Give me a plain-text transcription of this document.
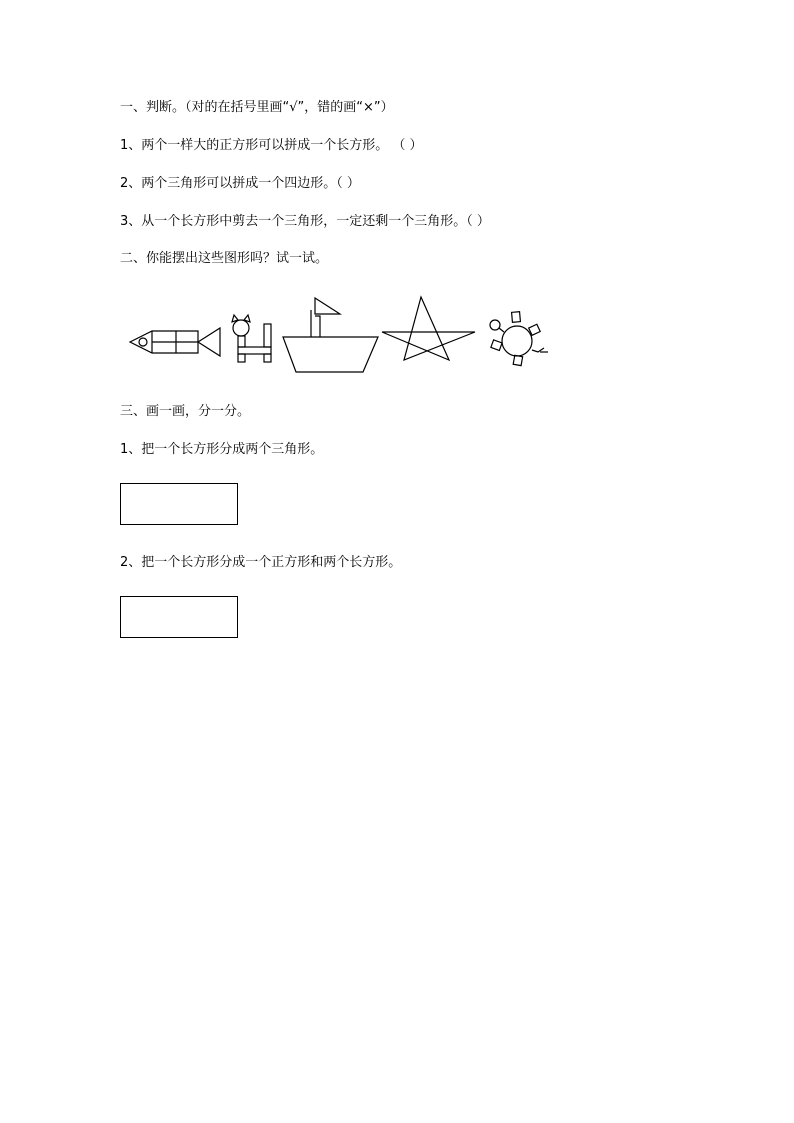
一、判断。（对的在括号里画“√”，错的画“×”）
1、两个一样大的正方形可以拼成一个长方形。 （ ）
2、两个三角形可以拼成一个四边形。（ ）
3、从一个长方形中剪去一个三角形，一定还剩一个三角形。（ ）
二、你能摆出这些图形吗？试一试。
三、画一画，分一分。
1、把一个长方形分成两个三角形。
2、把一个长方形分成一个正方形和两个长方形。
